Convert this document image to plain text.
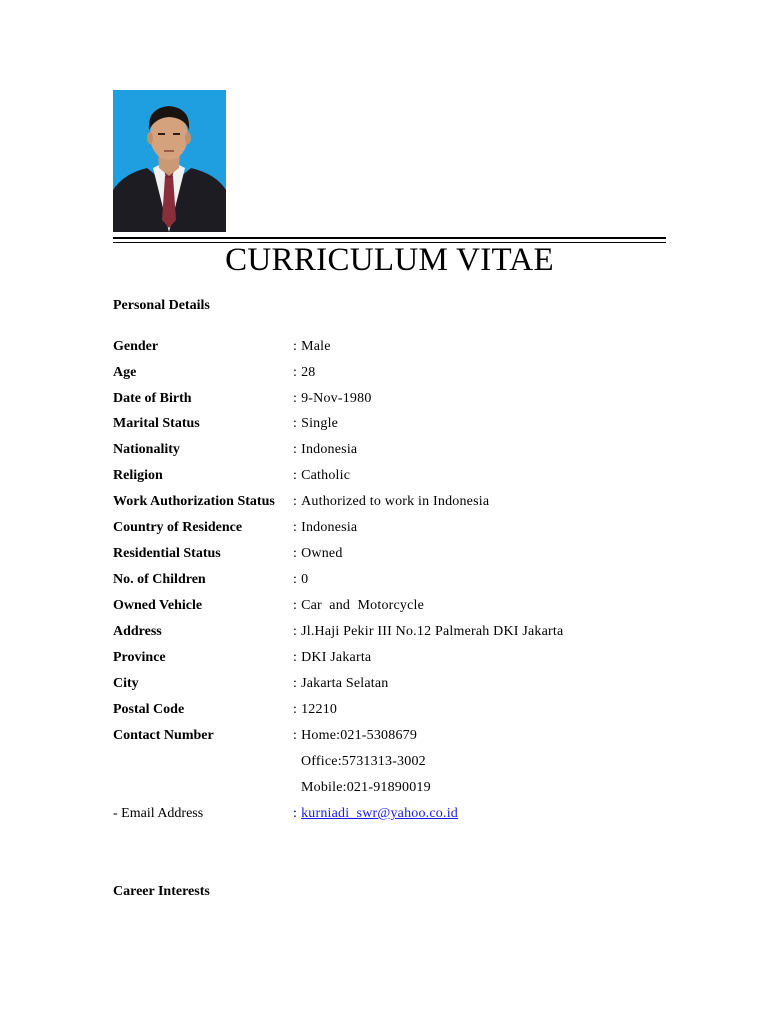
CURRICULUM VITAE
Personal Details
Gender	: Male
Age	: 28
Date of Birth	: 9-Nov-1980
Marital Status	: Single
Nationality	: Indonesia
Religion	: Catholic
Work Authorization Status : Authorized to work in Indonesia
Country of Residence	: Indonesia
Residential Status	: Owned
No. of Children	: 0
Owned Vehicle	: Car  and  Motorcycle
Address	: Jl.Haji Pekir III No.12 Palmerah DKI Jakarta
Province	: DKI Jakarta
City	: Jakarta Selatan
Postal Code	: 12210
Contact Number	: Home:021-5308679
Office:5731313-3002
Mobile:021-91890019
- Email Address	: kurniadi_swr@yahoo.co.id
Career Interests
